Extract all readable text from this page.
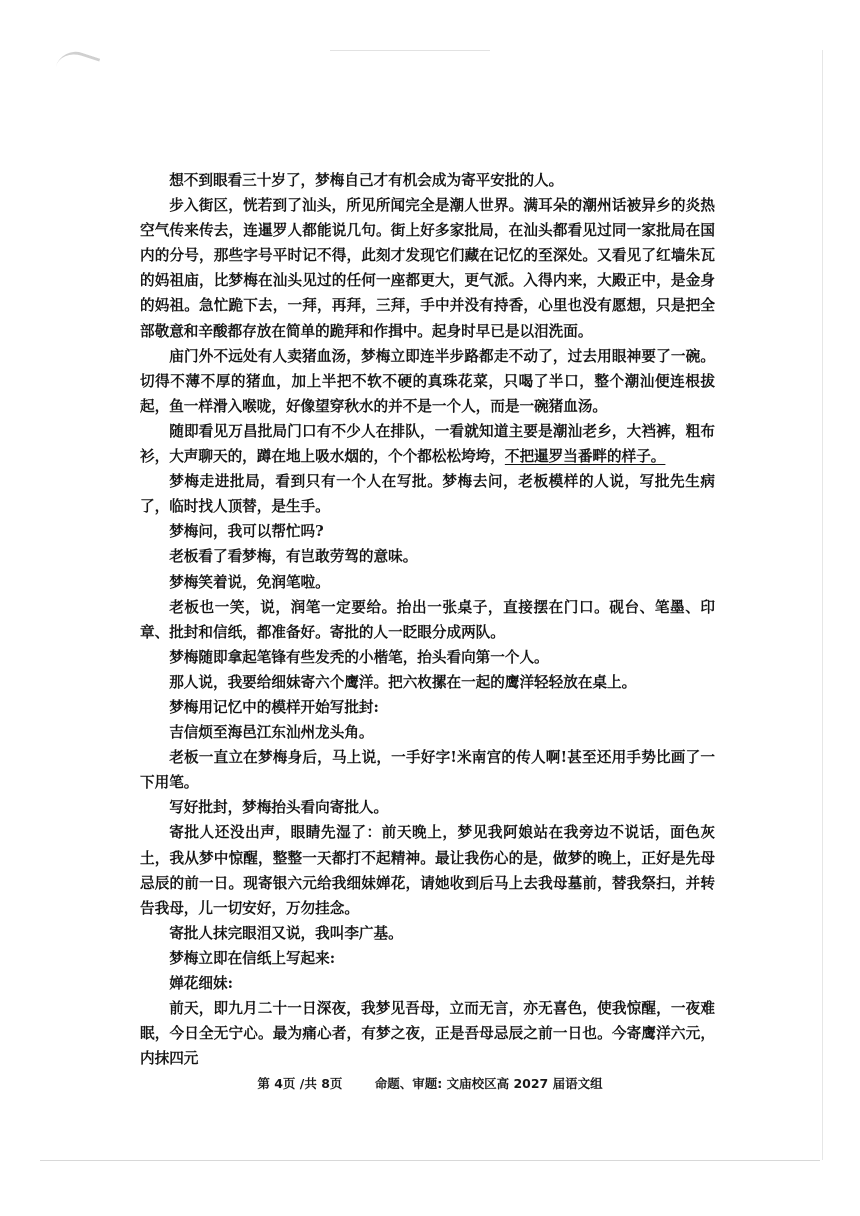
想不到眼看三十岁了，梦梅自己才有机会成为寄平安批的人。

步入街区，恍若到了汕头，所见所闻完全是潮人世界。满耳朵的潮州话被异乡的炎热空气传来传去，连暹罗人都能说几句。街上好多家批局，在汕头都看见过同一家批局在国内的分号，那些字号平时记不得，此刻才发现它们藏在记忆的至深处。又看见了红墙朱瓦的妈祖庙，比梦梅在汕头见过的任何一座都更大，更气派。入得内来，大殿正中，是金身的妈祖。急忙跪下去，一拜，再拜，三拜，手中并没有持香，心里也没有愿想，只是把全部敬意和辛酸都存放在简单的跪拜和作揖中。起身时早已是以泪洗面。

庙门外不远处有人卖猪血汤，梦梅立即连半步路都走不动了，过去用眼神要了一碗。切得不薄不厚的猪血，加上半把不软不硬的真珠花菜，只喝了半口，整个潮汕便连根拔起，鱼一样滑入喉咙，好像望穿秋水的并不是一个人，而是一碗猪血汤。

随即看见万昌批局门口有不少人在排队，一看就知道主要是潮汕老乡，大裆裤，粗布衫，大声聊天的，蹲在地上吸水烟的，个个都松松垮垮，不把暹罗当番畔的样子。

梦梅走进批局，看到只有一个人在写批。梦梅去问，老板模样的人说，写批先生病了，临时找人顶替，是生手。

梦梅问，我可以帮忙吗?

老板看了看梦梅，有岂敢劳驾的意味。

梦梅笑着说，免润笔啦。

老板也一笑，说，润笔一定要给。抬出一张桌子，直接摆在门口。砚台、笔墨、印章、批封和信纸，都准备好。寄批的人一眨眼分成两队。

梦梅随即拿起笔锋有些发秃的小楷笔，抬头看向第一个人。

那人说，我要给细妹寄六个鹰洋。把六枚摞在一起的鹰洋轻轻放在桌上。

梦梅用记忆中的模样开始写批封:

吉信烦至海邑江东汕州龙头角。

老板一直立在梦梅身后，马上说，一手好字!米南宫的传人啊!甚至还用手势比画了一下用笔。

写好批封，梦梅抬头看向寄批人。

寄批人还没出声，眼睛先湿了：前天晚上，梦见我阿娘站在我旁边不说话，面色灰土，我从梦中惊醒，整整一天都打不起精神。最让我伤心的是，做梦的晚上，正好是先母忌辰的前一日。现寄银六元给我细妹婵花，请她收到后马上去我母墓前，替我祭扫，并转告我母，儿一切安好，万勿挂念。

寄批人抹完眼泪又说，我叫李广基。

梦梅立即在信纸上写起来:

婵花细妹:

前天，即九月二十一日深夜，我梦见吾母，立而无言，亦无喜色，使我惊醒，一夜难眠，今日全无宁心。最为痛心者，有梦之夜，正是吾母忌辰之前一日也。今寄鹰洋六元，内抹四元

第 4页 /共 8页	命题、审题: 文庙校区高 2027 届语文组
